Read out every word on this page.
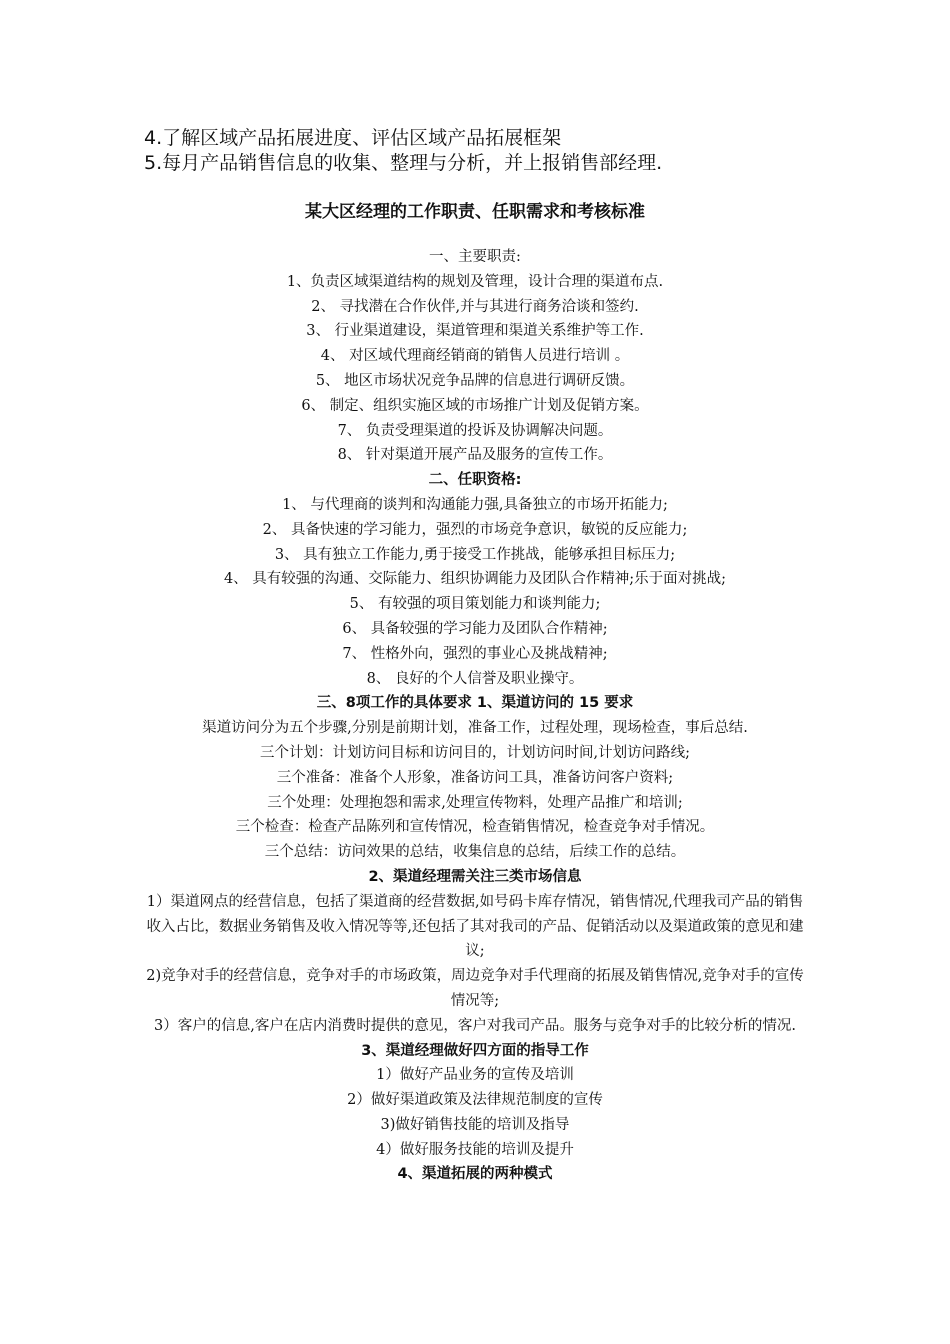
4.了解区域产品拓展进度、评估区域产品拓展框架
5.每月产品销售信息的收集、整理与分析，并上报销售部经理.
某大区经理的工作职责、任职需求和考核标准
一、主要职责:
1、负责区域渠道结构的规划及管理，设计合理的渠道布点.
2、 寻找潜在合作伙伴,并与其进行商务洽谈和签约.
3、 行业渠道建设，渠道管理和渠道关系维护等工作.
4、 对区域代理商经销商的销售人员进行培训 。
5、 地区市场状况竞争品牌的信息进行调研反馈。
6、 制定、组织实施区域的市场推广计划及促销方案。
7、 负责受理渠道的投诉及协调解决问题。
8、 针对渠道开展产品及服务的宣传工作。
二、任职资格:
1、 与代理商的谈判和沟通能力强,具备独立的市场开拓能力;
2、 具备快速的学习能力，强烈的市场竞争意识，敏锐的反应能力;
3、 具有独立工作能力,勇于接受工作挑战，能够承担目标压力;
4、 具有较强的沟通、交际能力、组织协调能力及团队合作精神;乐于面对挑战;
5、 有较强的项目策划能力和谈判能力;
6、 具备较强的学习能力及团队合作精神;
7、 性格外向，强烈的事业心及挑战精神;
8、 良好的个人信誉及职业操守。
三、8项工作的具体要求 1、渠道访问的 15 要求
渠道访问分为五个步骤,分别是前期计划，准备工作，过程处理，现场检查，事后总结.
三个计划：计划访问目标和访问目的，计划访问时间,计划访问路线;
三个准备：准备个人形象，准备访问工具，准备访问客户资料;
三个处理：处理抱怨和需求,处理宣传物料，处理产品推广和培训;
三个检查：检查产品陈列和宣传情况，检查销售情况，检查竞争对手情况。
三个总结：访问效果的总结，收集信息的总结，后续工作的总结。
2、渠道经理需关注三类市场信息
1）渠道网点的经营信息，包括了渠道商的经营数据,如号码卡库存情况，销售情况,代理我司产品的销售收入占比，数据业务销售及收入情况等等,还包括了其对我司的产品、促销活动以及渠道政策的意见和建议;
2)竞争对手的经营信息，竞争对手的市场政策，周边竞争对手代理商的拓展及销售情况,竞争对手的宣传情况等;
3）客户的信息,客户在店内消费时提供的意见，客户对我司产品。服务与竞争对手的比较分析的情况.
3、渠道经理做好四方面的指导工作
1）做好产品业务的宣传及培训
2）做好渠道政策及法律规范制度的宣传
3)做好销售技能的培训及指导
4）做好服务技能的培训及提升
4、渠道拓展的两种模式
